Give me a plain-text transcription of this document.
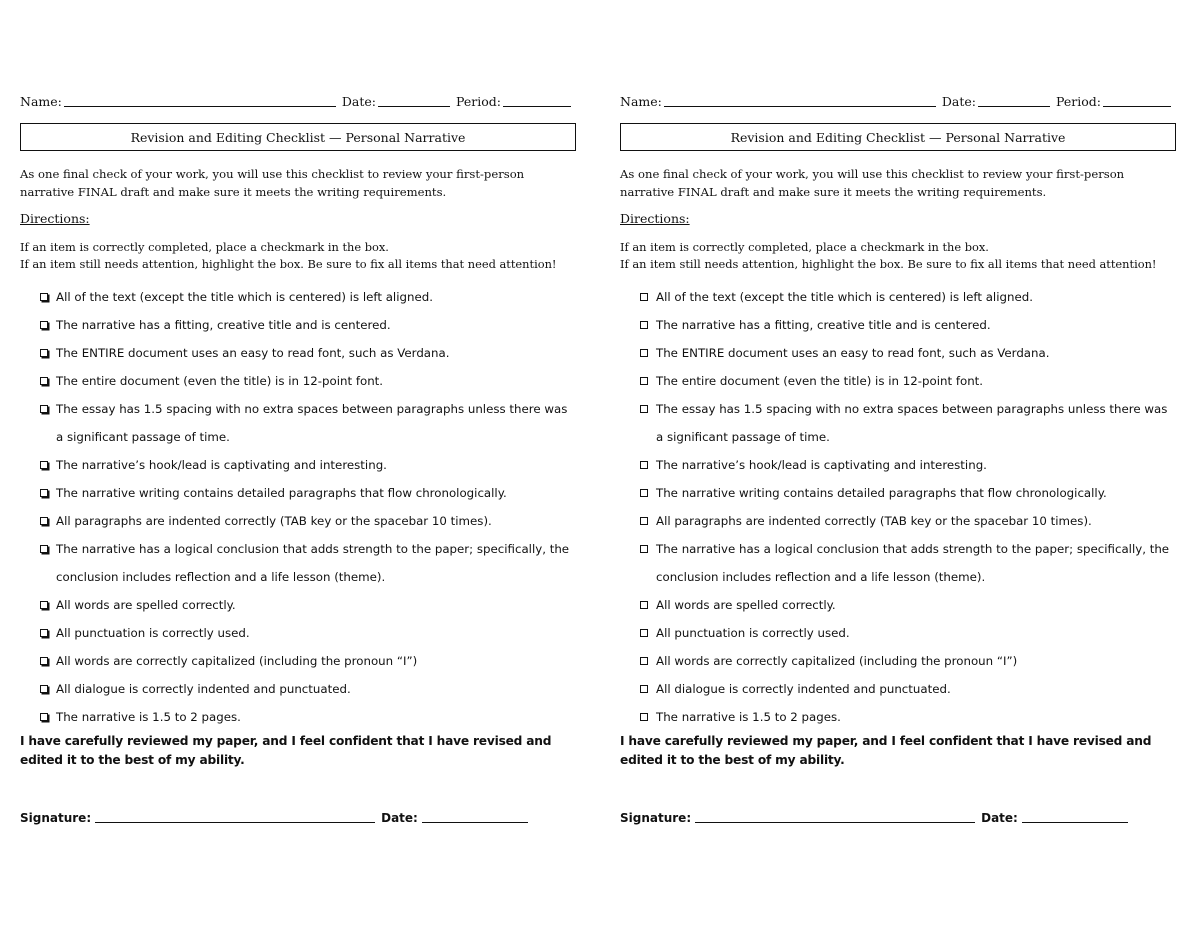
Name:	Date:	Period:
Revision and Editing Checklist — Personal Narrative
As one final check of your work, you will use this checklist to review your first-person narrative FINAL draft and make sure it meets the writing requirements.
Directions:
If an item is correctly completed, place a checkmark in the box.
If an item still needs attention, highlight the box. Be sure to fix all items that need attention!
All of the text (except the title which is centered) is left aligned.
The narrative has a fitting, creative title and is centered.
The ENTIRE document uses an easy to read font, such as Verdana.
The entire document (even the title) is in 12-point font.
The essay has 1.5 spacing with no extra spaces between paragraphs unless there was a significant passage of time.
The narrative’s hook/lead is captivating and interesting.
The narrative writing contains detailed paragraphs that flow chronologically.
All paragraphs are indented correctly (TAB key or the spacebar 10 times).
The narrative has a logical conclusion that adds strength to the paper; specifically, the conclusion includes reflection and a life lesson (theme).
All words are spelled correctly.
All punctuation is correctly used.
All words are correctly capitalized (including the pronoun “I”)
All dialogue is correctly indented and punctuated.
The narrative is 1.5 to 2 pages.
I have carefully reviewed my paper, and I feel confident that I have revised and edited it to the best of my ability.
Signature:	Date:
Name:	Date:	Period:
Revision and Editing Checklist — Personal Narrative
As one final check of your work, you will use this checklist to review your first-person narrative FINAL draft and make sure it meets the writing requirements.
Directions:
If an item is correctly completed, place a checkmark in the box.
If an item still needs attention, highlight the box. Be sure to fix all items that need attention!
All of the text (except the title which is centered) is left aligned.
The narrative has a fitting, creative title and is centered.
The ENTIRE document uses an easy to read font, such as Verdana.
The entire document (even the title) is in 12-point font.
The essay has 1.5 spacing with no extra spaces between paragraphs unless there was a significant passage of time.
The narrative’s hook/lead is captivating and interesting.
The narrative writing contains detailed paragraphs that flow chronologically.
All paragraphs are indented correctly (TAB key or the spacebar 10 times).
The narrative has a logical conclusion that adds strength to the paper; specifically, the conclusion includes reflection and a life lesson (theme).
All words are spelled correctly.
All punctuation is correctly used.
All words are correctly capitalized (including the pronoun “I”)
All dialogue is correctly indented and punctuated.
The narrative is 1.5 to 2 pages.
I have carefully reviewed my paper, and I feel confident that I have revised and edited it to the best of my ability.
Signature:	Date:
